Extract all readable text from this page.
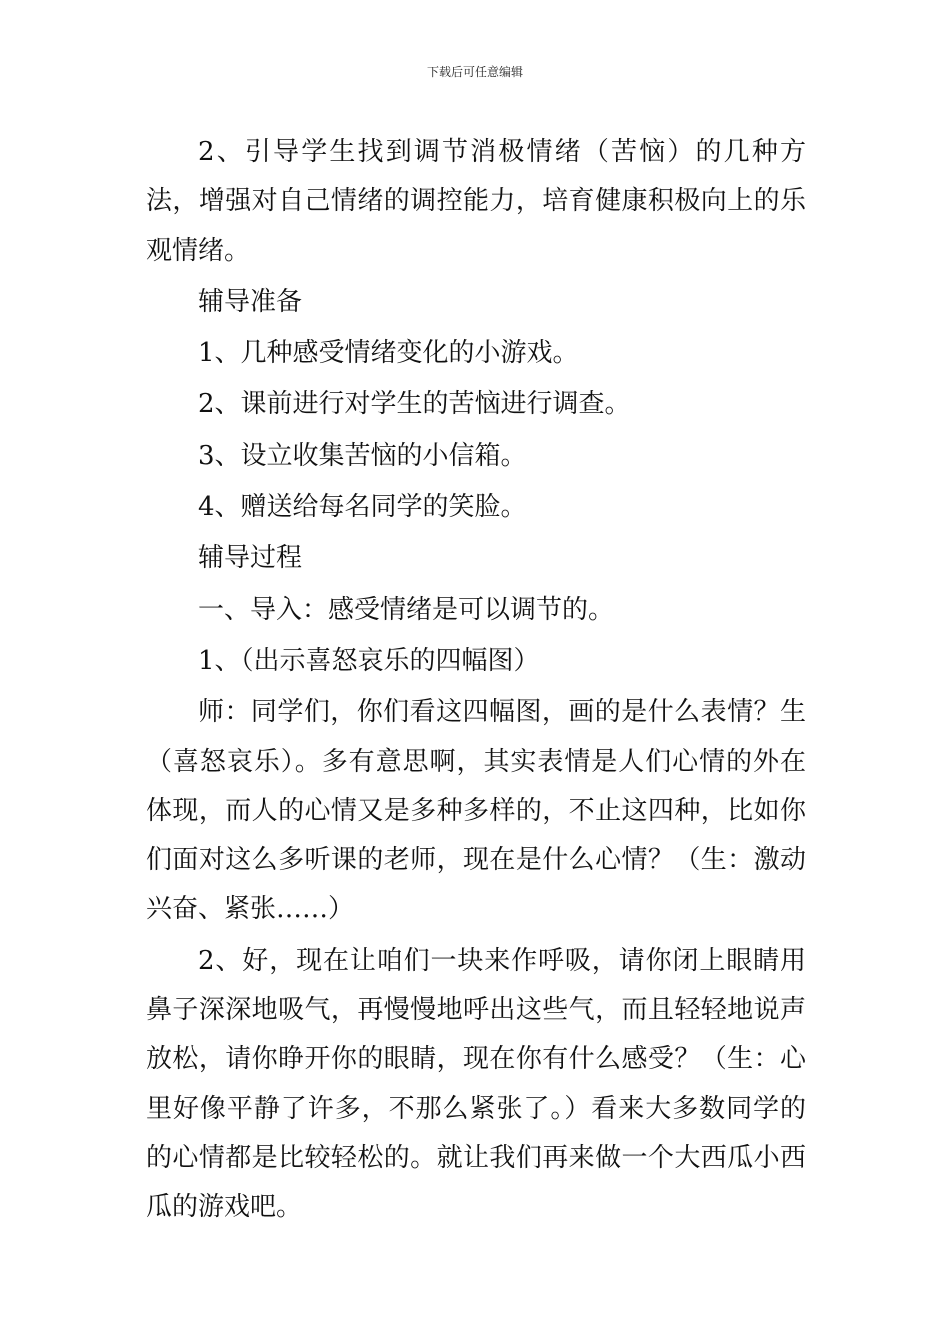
下载后可任意编辑

2、引导学生找到调节消极情绪（苦恼）的几种方法，增强对自己情绪的调控能力，培育健康积极向上的乐观情绪。

辅导准备

1、几种感受情绪变化的小游戏。

2、课前进行对学生的苦恼进行调查。

3、设立收集苦恼的小信箱。

4、赠送给每名同学的笑脸。

辅导过程

一、导入：感受情绪是可以调节的。

1、（出示喜怒哀乐的四幅图）

师：同学们，你们看这四幅图，画的是什么表情？生（喜怒哀乐）。多有意思啊，其实表情是人们心情的外在体现，而人的心情又是多种多样的，不止这四种，比如你们面对这么多听课的老师，现在是什么心情？（生：激动兴奋、紧张……）

2、好，现在让咱们一块来作呼吸，请你闭上眼睛用鼻子深深地吸气，再慢慢地呼出这些气，而且轻轻地说声放松，请你睁开你的眼睛，现在你有什么感受？（生：心里好像平静了许多，不那么紧张了。）看来大多数同学的的心情都是比较轻松的。就让我们再来做一个大西瓜小西瓜的游戏吧。
